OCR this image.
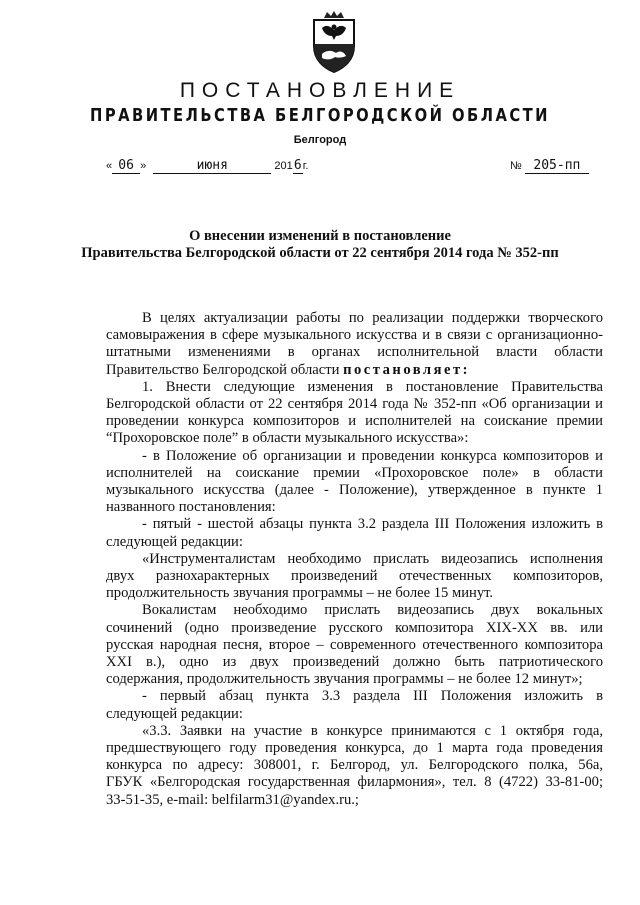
ПОСТАНОВЛЕНИЕ
ПРАВИТЕЛЬСТВА БЕЛГОРОДСКОЙ ОБЛАСТИ
Белгород
« 06 »	июня	2016г.	№ 205-пп
О внесении изменений в постановление
Правительства Белгородской области от 22 сентября 2014 года № 352-пп

В целях актуализации работы по реализации поддержки творческого

самовыражения в сфере музыкального искусства и в связи с организационно-

штатными изменениями в органах исполнительной власти области

Правительство Белгородской области постановляет:

1. Внести следующие изменения в постановление Правительства

Белгородской области от 22 сентября 2014 года № 352-пп «Об организации и

проведении конкурса композиторов и исполнителей на соискание премии

“Прохоровское поле” в области музыкального искусства»:

- в Положение об организации и проведении конкурса композиторов и

исполнителей на соискание премии «Прохоровское поле» в области

музыкального искусства (далее - Положение), утвержденное в пункте 1

названного постановления:

- пятый - шестой абзацы пункта 3.2 раздела III Положения изложить в

следующей редакции:

«Инструменталистам необходимо прислать видеозапись исполнения

двух разнохарактерных произведений отечественных композиторов,

продолжительность звучания программы – не более 15 минут.

Вокалистам необходимо прислать видеозапись двух вокальных

сочинений (одно произведение русского композитора XIX-XX вв. или

русская народная песня, второе – современного отечественного композитора

XXI в.), одно из двух произведений должно быть патриотического

содержания, продолжительность звучания программы – не более 12 минут»;

- первый абзац пункта 3.3 раздела III Положения изложить в

следующей редакции:

«3.3. Заявки на участие в конкурсе принимаются с 1 октября года,

предшествующего году проведения конкурса, до 1 марта года проведения

конкурса по адресу: 308001, г. Белгород, ул. Белгородского полка, 56а,

ГБУК «Белгородская государственная филармония», тел. 8 (4722) 33-81-00;

33-51-35, e-mail: belfilarm31@yandex.ru.;
